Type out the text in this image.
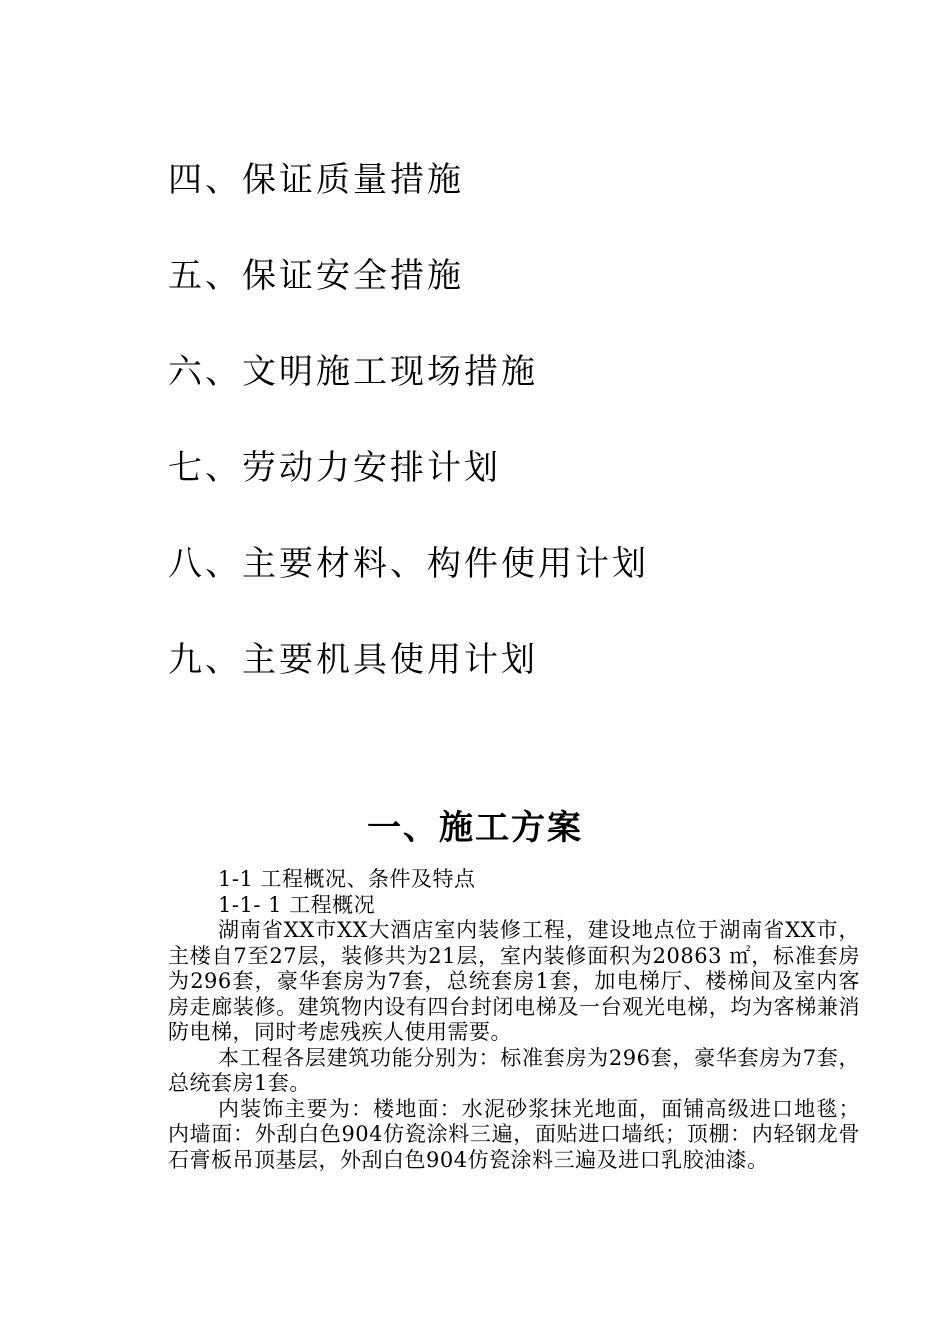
四、保证质量措施
五、保证安全措施
六、文明施工现场措施
七、劳动力安排计划
八、主要材料、构件使用计划
九、主要机具使用计划
一、施工方案

1-1 工程概况、条件及特点

1-1- 1 工程概况

湖南省XX市XX大酒店室内装修工程，建设地点位于湖南省XX市，主楼自7至27层，装修共为21层，室内装修面积为20863 ㎡，标准套房为296套，豪华套房为7套，总统套房1套，加电梯厅、楼梯间及室内客房走廊装修。建筑物内设有四台封闭电梯及一台观光电梯，均为客梯兼消防电梯，同时考虑残疾人使用需要。

本工程各层建筑功能分别为：标准套房为296套，豪华套房为7套，总统套房1套。

内装饰主要为：楼地面：水泥砂浆抹光地面，面铺高级进口地毯；内墙面：外刮白色904仿瓷涂料三遍，面贴进口墙纸；顶棚：内轻钢龙骨石膏板吊顶基层，外刮白色904仿瓷涂料三遍及进口乳胶油漆。
